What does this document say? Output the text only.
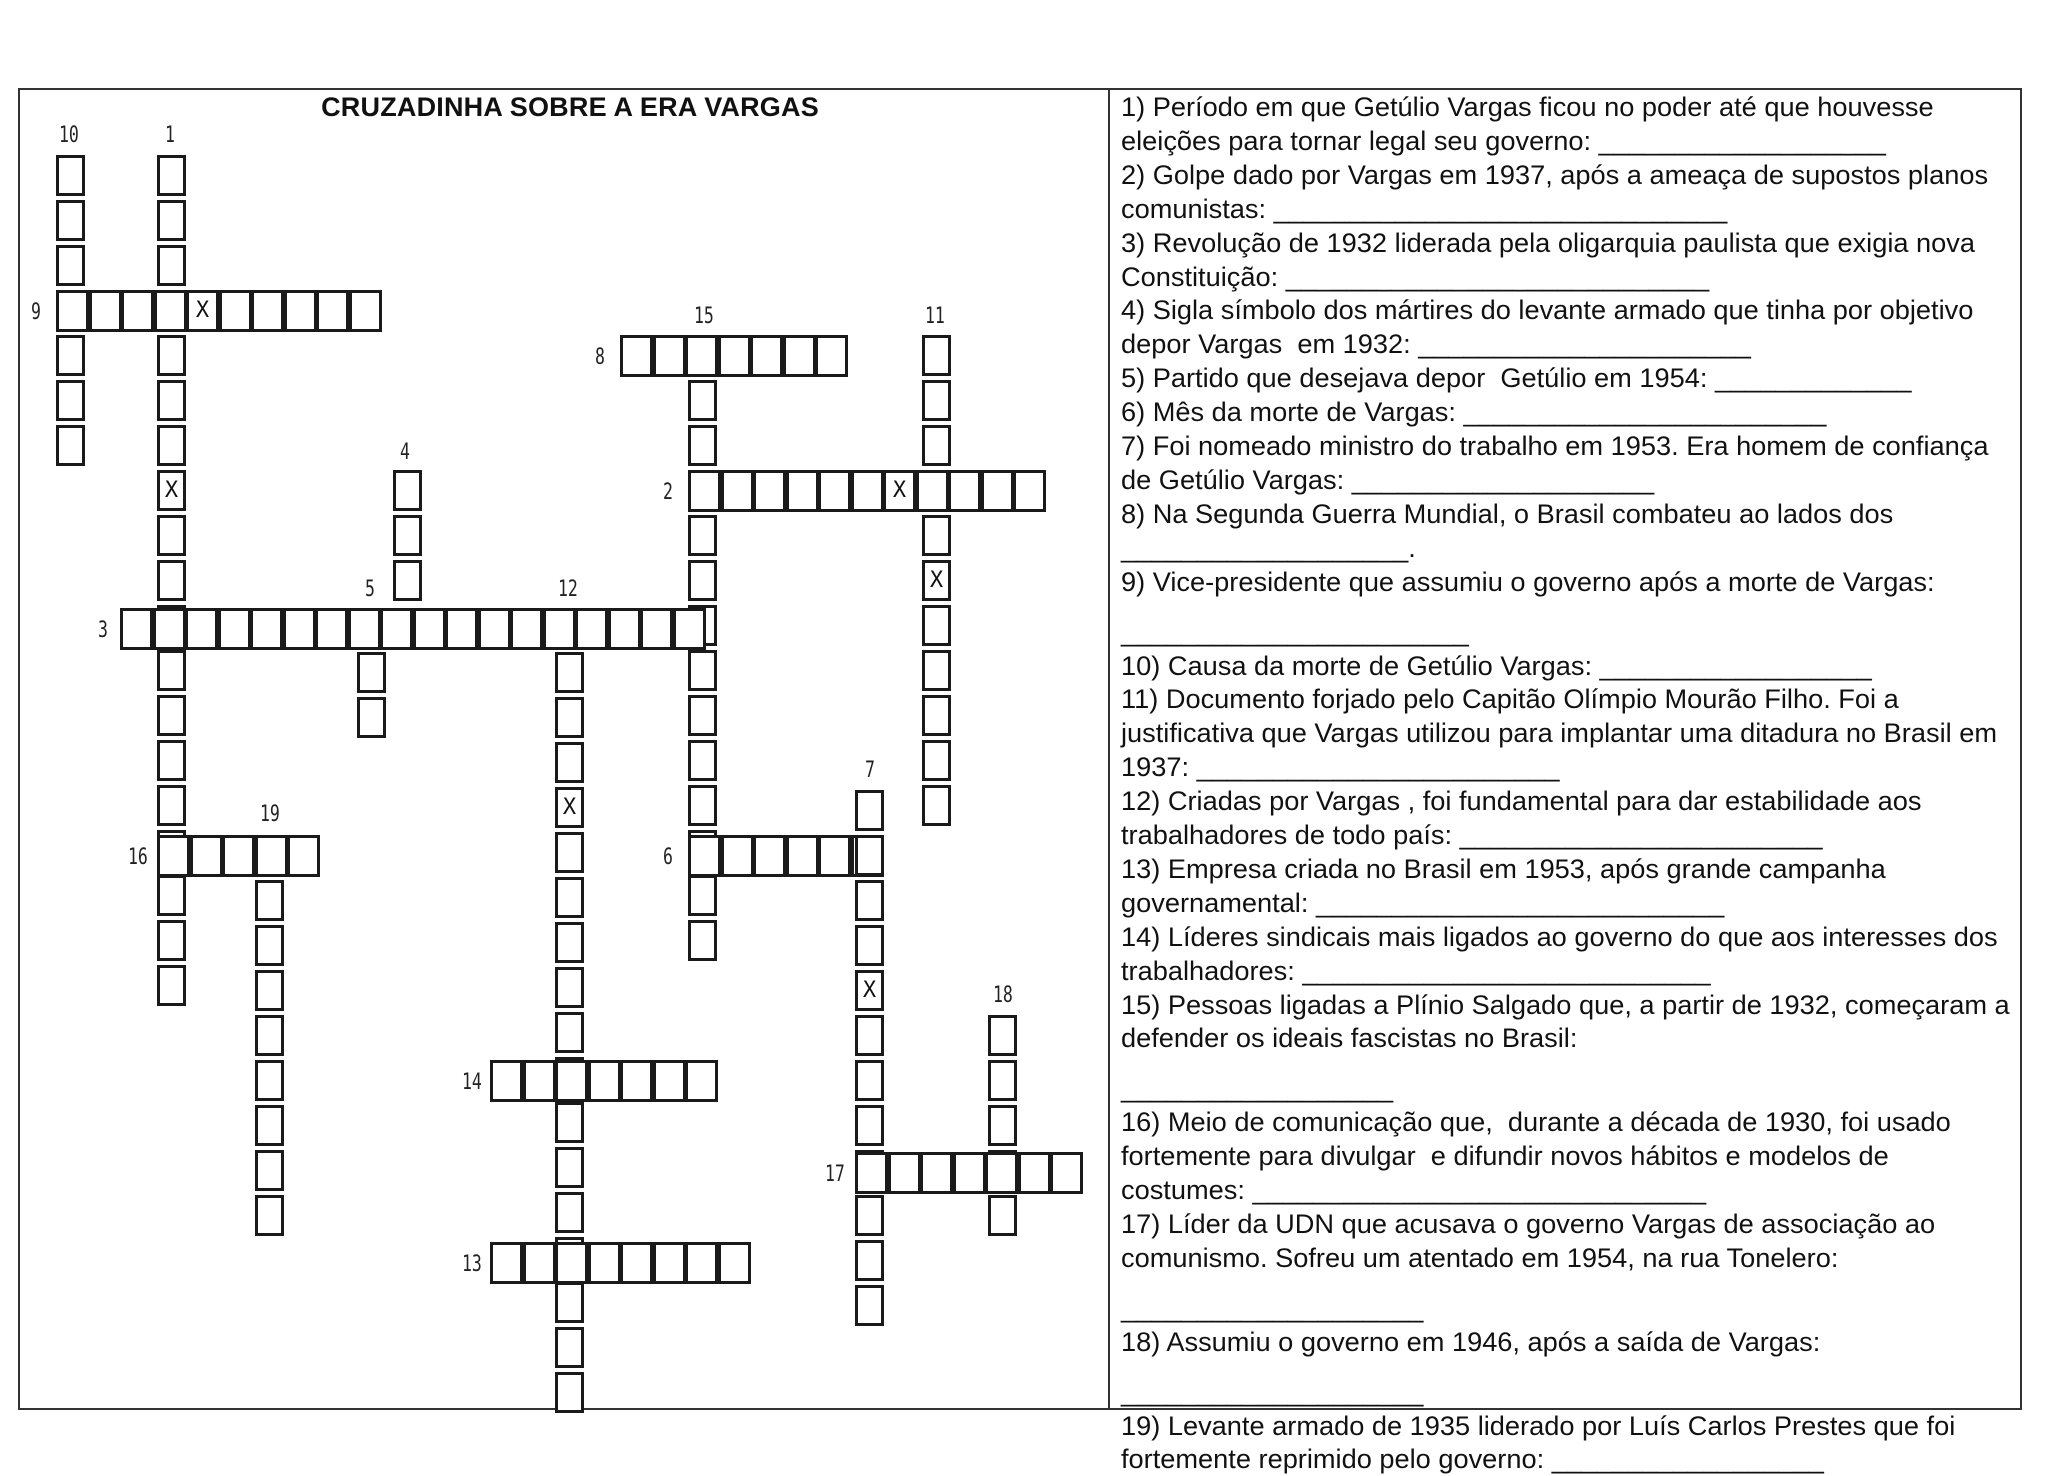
CRUZADINHA SOBRE A ERA VARGAS
10	1
X
9	X	15
8
11
X
2	X
4
3
5	12
X
6
7
X
16
19
18
14
17
13
1) Período em que Getúlio Vargas ficou no poder até que houvesse eleições para tornar legal seu governo: ___________________
2) Golpe dado por Vargas em 1937, após a ameaça de supostos planos comunistas: ______________________________
3) Revolução de 1932 liderada pela oligarquia paulista que exigia nova Constituição: ____________________________
4) Sigla símbolo dos mártires do levante armado que tinha por objetivo depor Vargas  em 1932: ______________________
5) Partido que desejava depor  Getúlio em 1954: _____________
6) Mês da morte de Vargas: ________________________
7) Foi nomeado ministro do trabalho em 1953. Era homem de confiança de Getúlio Vargas: ____________________
8) Na Segunda Guerra Mundial, o Brasil combateu ao lados dos ___________________.
9) Vice-presidente que assumiu o governo após a morte de Vargas:
_______________________
10) Causa da morte de Getúlio Vargas: __________________
11) Documento forjado pelo Capitão Olímpio Mourão Filho. Foi a justificativa que Vargas utilizou para implantar uma ditadura no Brasil em 1937: ________________________
12) Criadas por Vargas , foi fundamental para dar estabilidade aos trabalhadores de todo país: ________________________
13) Empresa criada no Brasil em 1953, após grande campanha governamental: ___________________________
14) Líderes sindicais mais ligados ao governo do que aos interesses dos trabalhadores: ___________________________
15) Pessoas ligadas a Plínio Salgado que, a partir de 1932, começaram a defender os ideais fascistas no Brasil:
__________________
16) Meio de comunicação que,  durante a década de 1930, foi usado fortemente para divulgar  e difundir novos hábitos e modelos de costumes: ______________________________
17) Líder da UDN que acusava o governo Vargas de associação ao comunismo. Sofreu um atentado em 1954, na rua Tonelero:
____________________
18) Assumiu o governo em 1946, após a saída de Vargas:
____________________
19) Levante armado de 1935 liderado por Luís Carlos Prestes que foi fortemente reprimido pelo governo: __________________
